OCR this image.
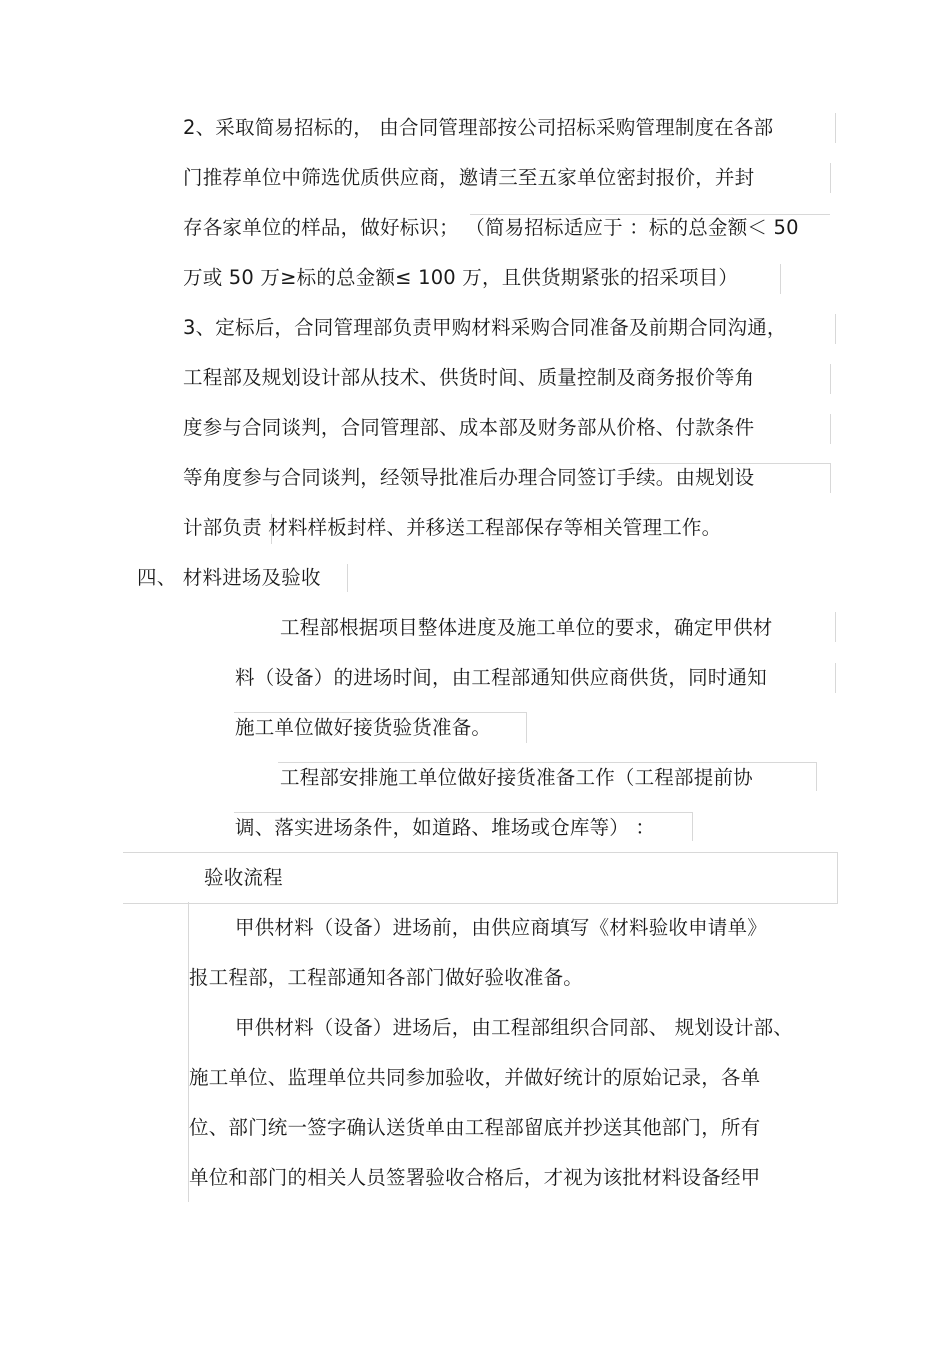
2、采取简易招标的， 由合同管理部按公司招标采购管理制度在各部
门推荐单位中筛选优质供应商，邀请三至五家单位密封报价，并封
存各家单位的样品，做好标识； （简易招标适应于 ：标的总金额＜ 50
万或 50 万≥标的总金额≤ 100 万，且供货期紧张的招采项目）
3、定标后，合同管理部负责甲购材料采购合同准备及前期合同沟通，
工程部及规划设计部从技术、供货时间、质量控制及商务报价等角
度参与合同谈判，合同管理部、成本部及财务部从价格、付款条件
等角度参与合同谈判，经领导批准后办理合同签订手续。由规划设
计部负责 材料样板封样、并移送工程部保存等相关管理工作。
四、 材料进场及验收
工程部根据项目整体进度及施工单位的要求，确定甲供材
料（设备）的进场时间，由工程部通知供应商供货，同时通知
施工单位做好接货验货准备。
工程部安排施工单位做好接货准备工作（工程部提前协
调、落实进场条件，如道路、堆场或仓库等） ：
验收流程
甲供材料（设备）进场前，由供应商填写《材料验收申请单》
报工程部，工程部通知各部门做好验收准备。
甲供材料（设备）进场后，由工程部组织合同部、 规划设计部、
施工单位、监理单位共同参加验收，并做好统计的原始记录，各单
位、部门统一签字确认送货单由工程部留底并抄送其他部门，所有
单位和部门的相关人员签署验收合格后，才视为该批材料设备经甲
